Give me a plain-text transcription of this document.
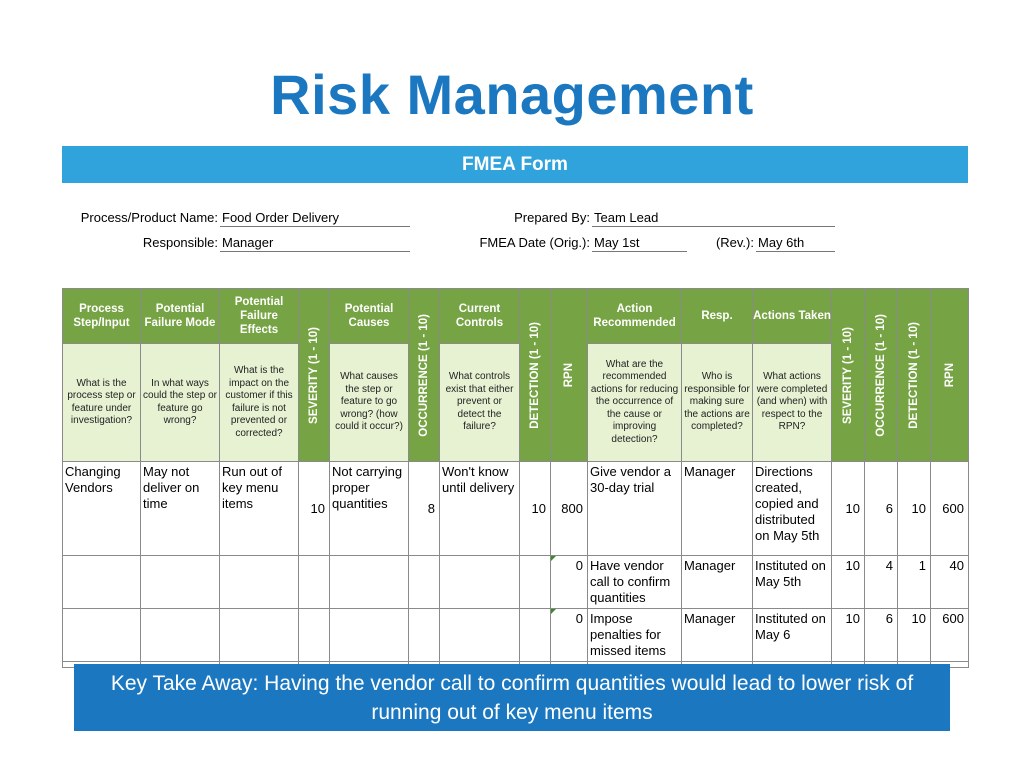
Risk Management
FMEA Form
Process/Product Name: Food Order Delivery
Responsible: Manager
Prepared By: Team Lead
FMEA Date (Orig.): May 1st	(Rev.): May 6th
Process Step/Input	Potential Failure Mode	Potential Failure Effects	SEVERITY (1 - 10)	Potential Causes	OCCURRENCE (1 - 10)	Current Controls	DETECTION (1 - 10)	RPN	Action Recommended	Resp.	Actions Taken	SEVERITY (1 - 10)	OCCURRENCE (1 - 10)	DETECTION (1 - 10)	RPN

What is the process step or feature under investigation?	In what ways could the step or feature go wrong?	What is the impact on the customer if this failure is not prevented or corrected?		What causes the step or feature to go wrong? (how could it occur?)		What controls exist that either prevent or detect the failure?			What are the recommended actions for reducing the occurrence of the cause or improving detection?	Who is responsible for making sure the actions are completed?	What actions were completed (and when) with respect to the RPN?				
Changing Vendors	May not deliver on time	Run out of key menu items	10	Not carrying proper quantities	8	Won't know until delivery	10	800	Give vendor a 30-day trial	Manager	Directions created, copied and distributed on May 5th	10	6	10	600
								0	Have vendor call to confirm quantities	Manager	Instituted on May 5th	10	4	1	40
								0	Impose penalties for missed items	Manager	Instituted on May 6	10	6	10	600

Key Take Away: Having the vendor call to confirm quantities would lead to lower risk of running out of key menu items
